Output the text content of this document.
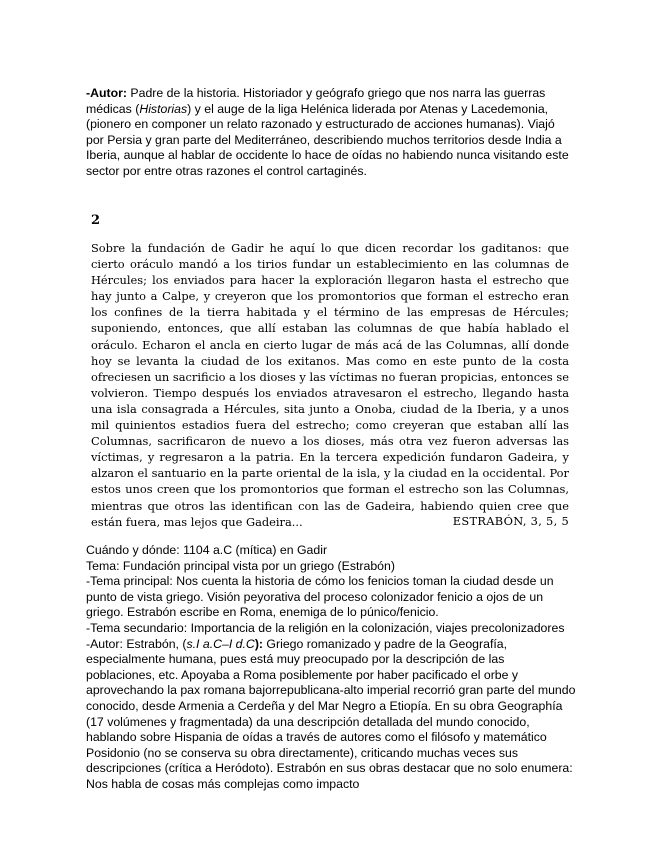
-Autor: Padre de la historia. Historiador y geógrafo griego que nos narra las guerras médicas (Historias) y el auge de la liga Helénica liderada por Atenas y Lacedemonia, (pionero en componer un relato razonado y estructurado de acciones humanas). Viajó por Persia y gran parte del Mediterráneo, describiendo muchos territorios desde India a Iberia, aunque al hablar de occidente lo hace de oídas no habiendo nunca visitando este sector por entre otras razones el control cartaginés.
2
Sobre la fundación de Gadir he aquí lo que dicen recordar los gaditanos: que cierto oráculo mandó a los tirios fundar un establecimiento en las columnas de Hércules; los enviados para hacer la exploración llegaron hasta el estrecho que hay junto a Calpe, y creyeron que los promontorios que forman el estrecho eran los confines de la tierra habitada y el término de las empresas de Hércules; suponiendo, entonces, que allí estaban las columnas de que había hablado el oráculo. Echaron el ancla en cierto lugar de más acá de las Columnas, allí donde hoy se levanta la ciudad de los exitanos. Mas como en este punto de la costa ofreciesen un sacrificio a los dioses y las víctimas no fueran propicias, entonces se volvieron. Tiempo después los enviados atravesaron el estrecho, llegando hasta una isla consagrada a Hércules, sita junto a Onoba, ciudad de la Iberia, y a unos mil quinientos estadios fuera del estrecho; como creyeran que estaban allí las Columnas, sacrificaron de nuevo a los dioses, más otra vez fueron adversas las víctimas, y regresaron a la patria. En la tercera expedición fundaron Gadeira, y alzaron el santuario en la parte oriental de la isla, y la ciudad en la occidental. Por estos unos creen que los promontorios que forman el estrecho son las Columnas, mientras que otros las identifican con las de Gadeira, habiendo quien cree que están fuera, mas lejos que Gadeira...	ESTRABÓN, 3, 5, 5
Cuándo y dónde: 1104 a.C (mítica) en Gadir
Tema: Fundación principal vista por un griego (Estrabón)
-Tema principal: Nos cuenta la historia de cómo los fenicios toman la ciudad desde un punto de vista griego. Visión peyorativa del proceso colonizador fenicio a ojos de un griego. Estrabón escribe en Roma, enemiga de lo púnico/fenicio.
-Tema secundario: Importancia de la religión en la colonización, viajes precolonizadores
-Autor: Estrabón, (s.I a.C–I d.C): Griego romanizado y padre de la Geografía, especialmente humana, pues está muy preocupado por la descripción de las poblaciones, etc. Apoyaba a Roma posiblemente por haber pacificado el orbe y aprovechando la pax romana bajorrepublicana-alto imperial recorrió gran parte del mundo conocido, desde Armenia a Cerdeña y del Mar Negro a Etiopía. En su obra Geographía (17 volúmenes y fragmentada) da una descripción detallada del mundo conocido, hablando sobre Hispania de oídas a través de autores como el filósofo y matemático Posidonio (no se conserva su obra directamente), criticando muchas veces sus descripciones (crítica a Heródoto). Estrabón en sus obras destacar que no solo enumera: Nos habla de cosas más complejas como impacto
